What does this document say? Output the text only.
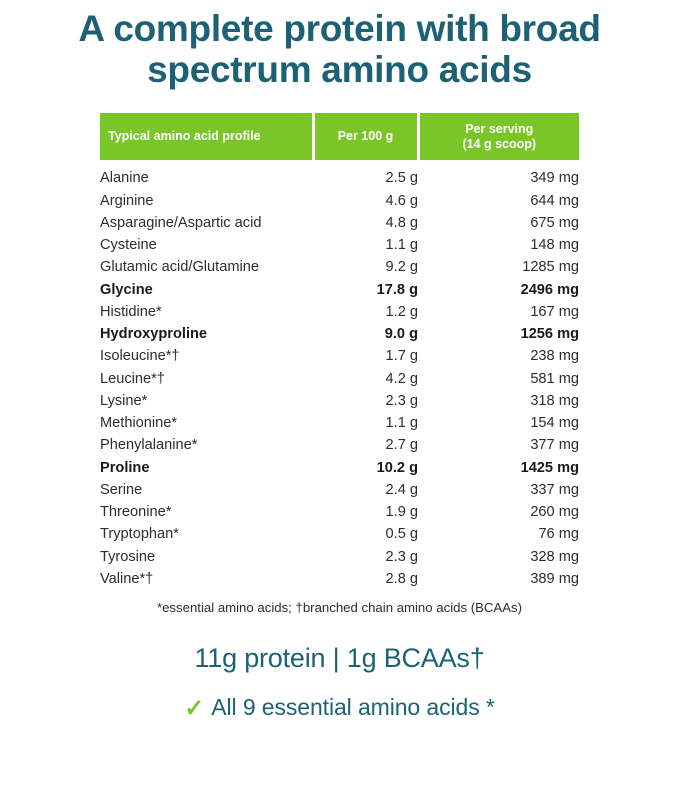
A complete protein with broad
spectrum amino acids
Typical amino acid profile	Per 100 g	Per serving
(14 g scoop)
Alanine	2.5 g	349 mg
Arginine	4.6 g	644 mg
Asparagine/Aspartic acid	4.8 g	675 mg
Cysteine	1.1 g	148 mg
Glutamic acid/Glutamine	9.2 g	1285 mg
Glycine	17.8 g	2496 mg
Histidine*	1.2 g	167 mg
Hydroxyproline	9.0 g	1256 mg
Isoleucine*†	1.7 g	238 mg
Leucine*†	4.2 g	581 mg
Lysine*	2.3 g	318 mg
Methionine*	1.1 g	154 mg
Phenylalanine*	2.7 g	377 mg
Proline	10.2 g	1425 mg
Serine	2.4 g	337 mg
Threonine*	1.9 g	260 mg
Tryptophan*	0.5 g	76 mg
Tyrosine	2.3 g	328 mg
Valine*†	2.8 g	389 mg
*essential amino acids; †branched chain amino acids (BCAAs)
11g protein | 1g BCAAs†
✓ All 9 essential amino acids *
